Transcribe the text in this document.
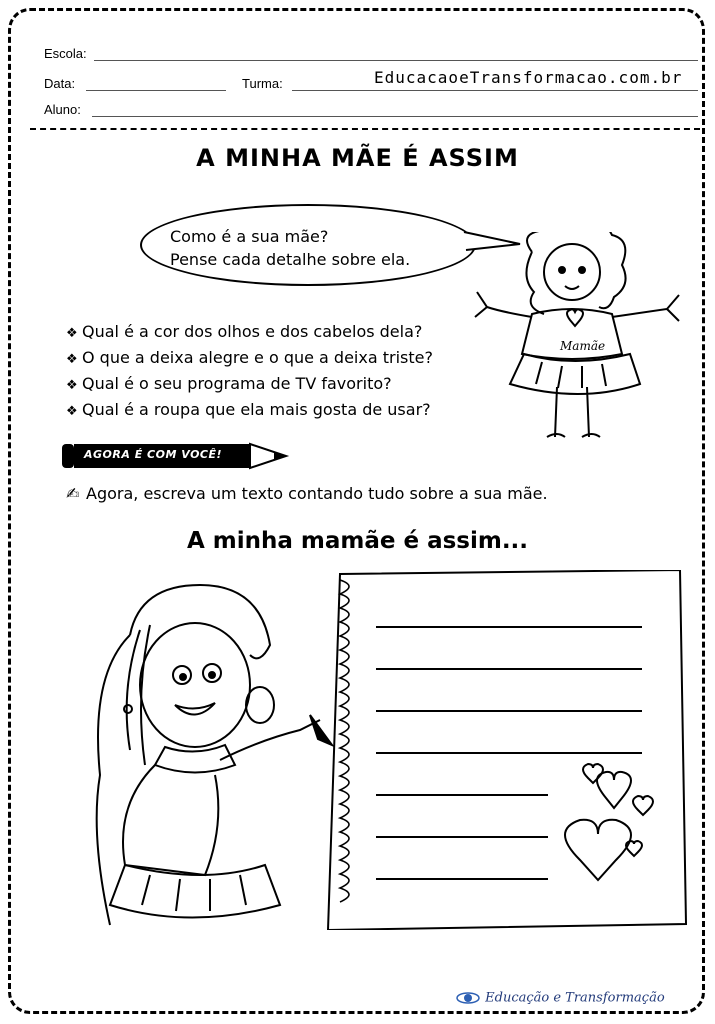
Escola:
Data:	Turma:	EducacaoeTransformacao.com.br
Aluno:
A MINHA MÃE É ASSIM
Como é a sua mãe?
Pense cada detalhe sobre ela.
Mamãe
❖ Qual é a cor dos olhos e dos cabelos dela?
❖ O que a deixa alegre e o que a deixa triste?
❖ Qual é o seu programa de TV favorito?
❖ Qual é a roupa que ela mais gosta de usar?
AGORA É COM VOCÊ!
✍ Agora, escreva um texto contando tudo sobre a sua mãe.
A minha mamãe é assim...
Educação e Transformação
